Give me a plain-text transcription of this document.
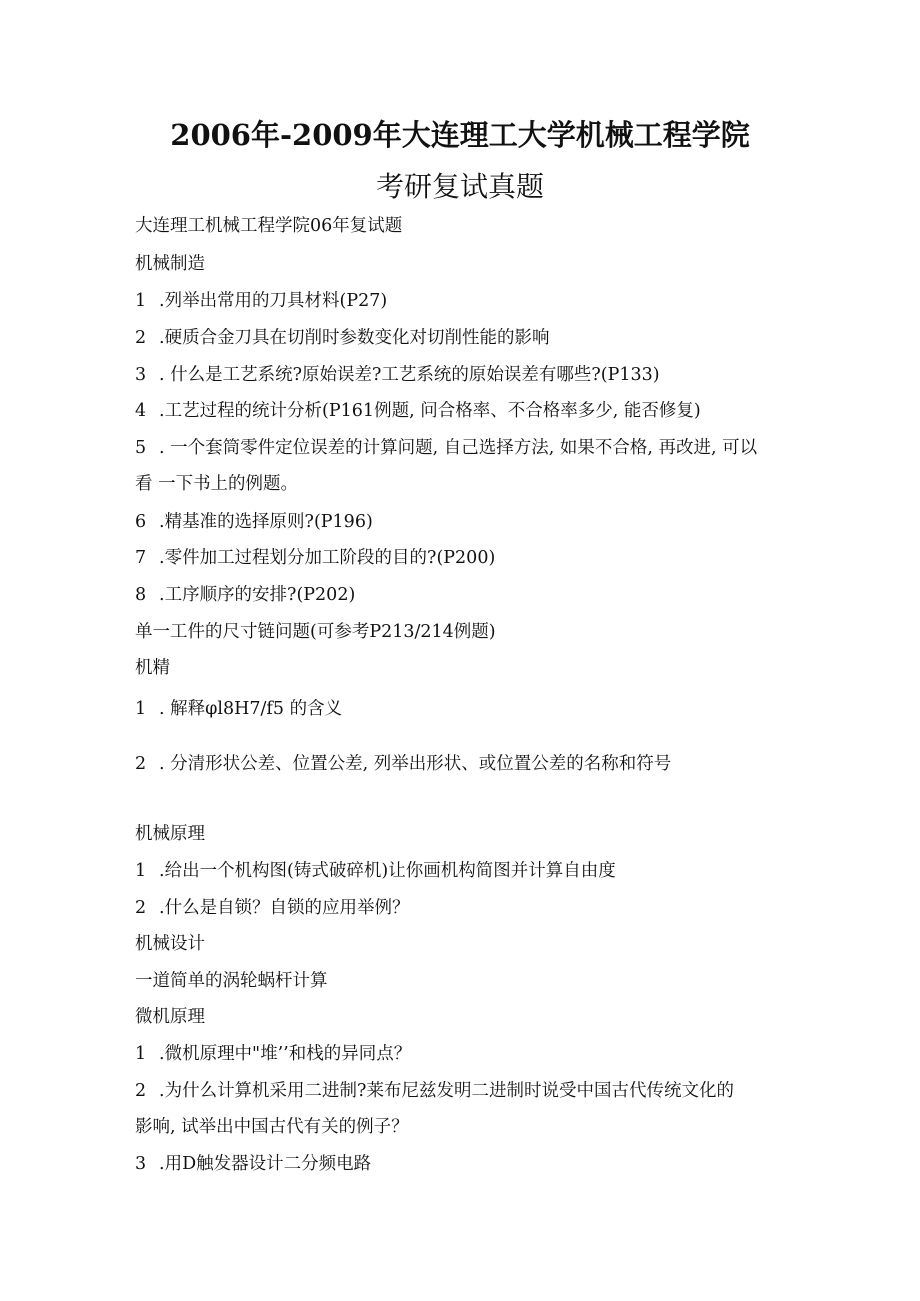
2006年-2009年大连理工大学机械工程学院
考研复试真题
大连理工机械工程学院06年复试题
机械制造
1 .列举出常用的刀具材料(P27)
2 .硬质合金刀具在切削时参数变化对切削性能的影响
3 . 什么是工艺系统?原始误差?工艺系统的原始误差有哪些?(P133)
4 .工艺过程的统计分析(P161例题, 问合格率、不合格率多少, 能否修复)
5 . 一个套筒零件定位误差的计算问题, 自己选择方法, 如果不合格, 再改进, 可以
看 一下书上的例题。
6 .精基准的选择原则?(P196)
7 .零件加工过程划分加工阶段的目的?(P200)
8 .工序顺序的安排?(P202)
单一工件的尺寸链问题(可参考P213/214例题)
机精
1 . 解释φl8H7/f5 的含义
2 . 分清形状公差、位置公差, 列举出形状、或位置公差的名称和符号
机械原理
1 .给出一个机构图(铸式破碎机)让你画机构简图并计算自由度
2 .什么是自锁？自锁的应用举例？
机械设计
一道简单的涡轮蜗杆计算
微机原理
1 .微机原理中"堆’’和栈的异同点？
2 .为什么计算机采用二进制?莱布尼兹发明二进制时说受中国古代传统文化的
影响, 试举出中国古代有关的例子？
3 .用D触发器设计二分频电路
